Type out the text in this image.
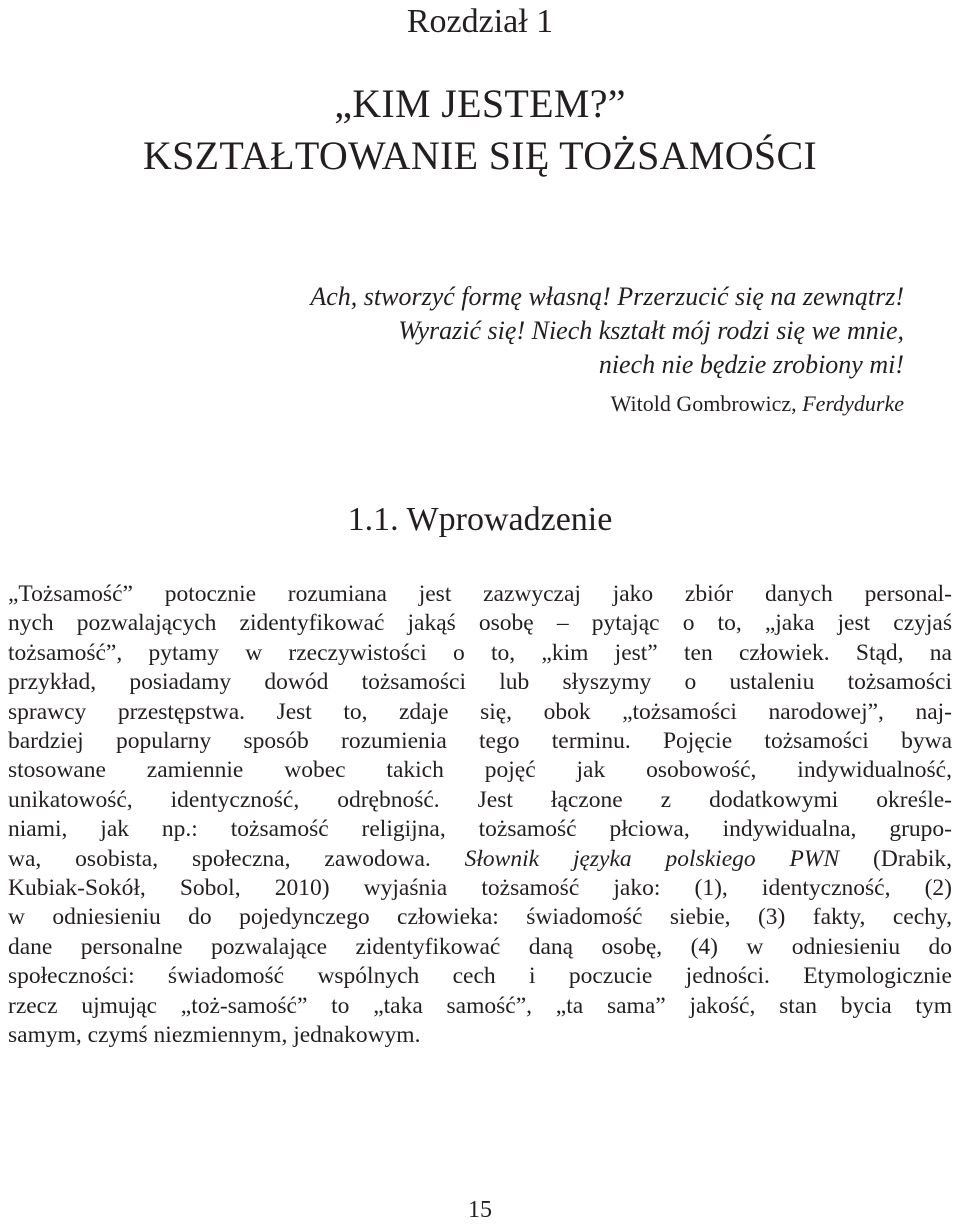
Rozdział 1
„KIM JESTEM?”
KSZTAŁTOWANIE SIĘ TOŻSAMOŚCI
Ach, stworzyć formę własną! Przerzucić się na zewnątrz!
Wyrazić się! Niech kształt mój rodzi się we mnie,
niech nie będzie zrobiony mi!
Witold Gombrowicz, Ferdydurke
1.1. Wprowadzenie
„Tożsamość” potocznie rozumiana jest zazwyczaj jako zbiór danych personal-
nych pozwalających zidentyfikować jakąś osobę – pytając o to, „jaka jest czyjaś
tożsamość”, pytamy w rzeczywistości o to, „kim jest” ten człowiek. Stąd, na
przykład, posiadamy dowód tożsamości lub słyszymy o ustaleniu tożsamości
sprawcy przestępstwa. Jest to, zdaje się, obok „tożsamości narodowej”, naj-
bardziej popularny sposób rozumienia tego terminu. Pojęcie tożsamości bywa
stosowane zamiennie wobec takich pojęć jak osobowość, indywidualność,
unikatowość, identyczność, odrębność. Jest łączone z dodatkowymi określe-
niami, jak np.: tożsamość religijna, tożsamość płciowa, indywidualna, grupo-
wa, osobista, społeczna, zawodowa. Słownik języka polskiego PWN (Drabik,
Kubiak-Sokół, Sobol, 2010) wyjaśnia tożsamość jako: (1), identyczność, (2)
w odniesieniu do pojedynczego człowieka: świadomość siebie, (3) fakty, cechy,
dane personalne pozwalające zidentyfikować daną osobę, (4) w odniesieniu do
społeczności: świadomość wspólnych cech i poczucie jedności. Etymologicznie
rzecz ujmując „toż-samość” to „taka samość”, „ta sama” jakość, stan bycia tym
samym, czymś niezmiennym, jednakowym.
15
